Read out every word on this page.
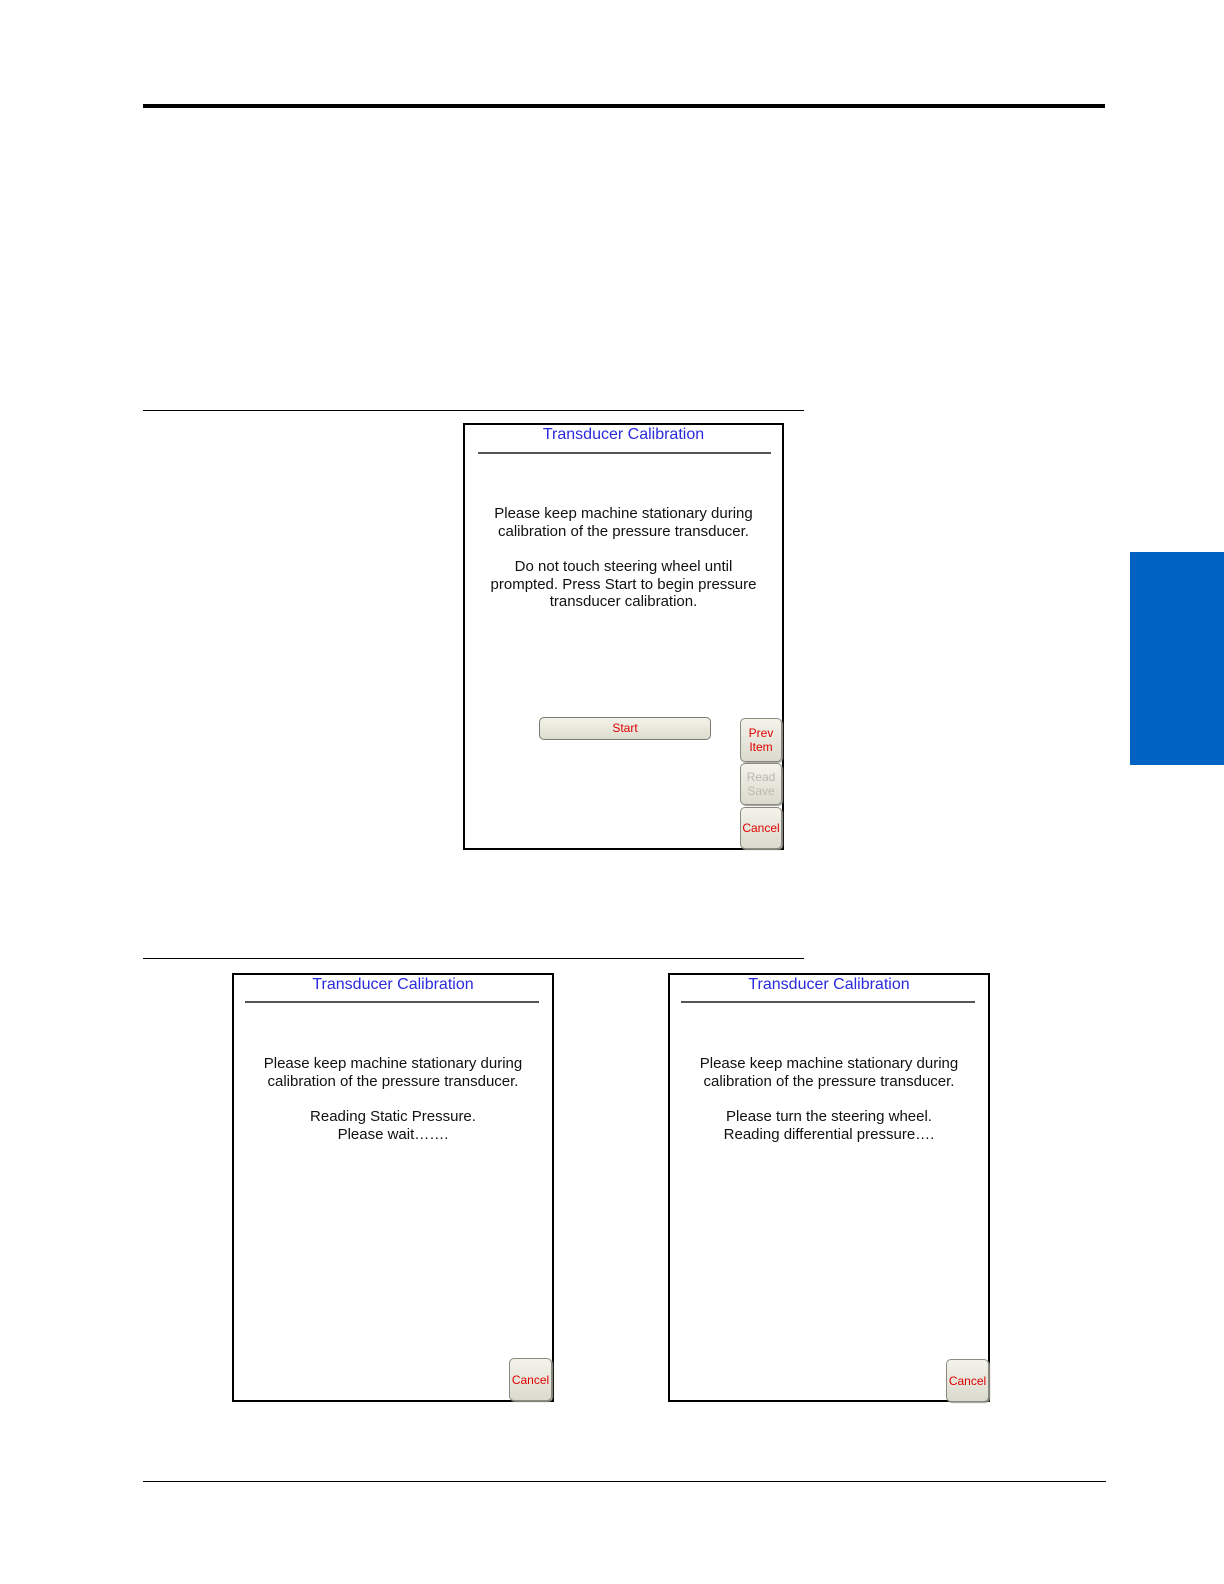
Transducer Calibration
Please keep machine stationary during
calibration of the pressure transducer.
Do not touch steering wheel until
prompted. Press Start to begin pressure
transducer calibration.
Start	Prev
Item
Read
Save
Cancel
Transducer Calibration
Please keep machine stationary during
calibration of the pressure transducer.
Reading Static Pressure.
Please wait…….
Cancel
Transducer Calibration
Please keep machine stationary during
calibration of the pressure transducer.
Please turn the steering wheel.
Reading differential pressure….
Cancel
